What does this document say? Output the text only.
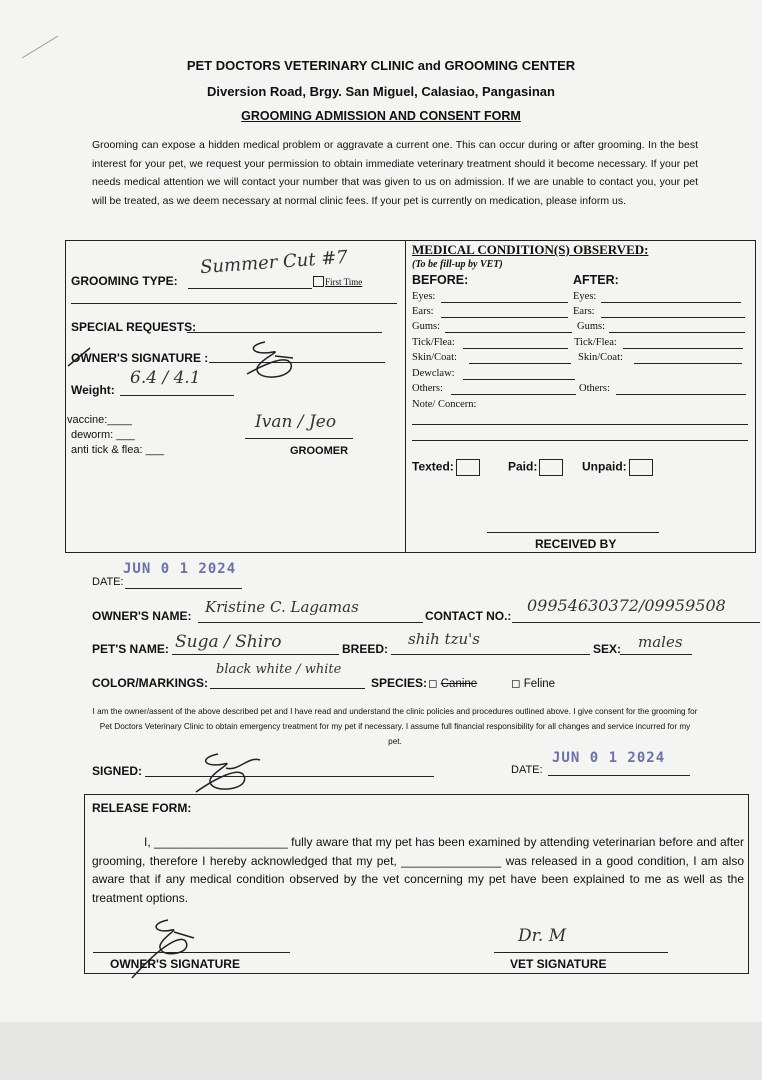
PET DOCTORS VETERINARY CLINIC and GROOMING CENTER
Diversion Road, Brgy. San Miguel, Calasiao, Pangasinan
GROOMING ADMISSION AND CONSENT FORM
Grooming can expose a hidden medical problem or aggravate a current one. This can occur during or after grooming. In the best interest for your pet, we request your permission to obtain immediate veterinary treatment should it become necessary. If your pet needs medical attention we will contact your number that was given to us on admission. If we are unable to contact you, your pet will be treated, as we deem necessary at normal clinic fees. If your pet is currently on medication, please inform us.
GROOMING TYPE:
Summer Cut #7
First Time
SPECIAL REQUESTS:
OWNER'S SIGNATURE :
Weight:
6.4 / 4.1
vaccine:____
deworm: ___
anti tick & flea: ___
Ivan / Jeo
GROOMER
MEDICAL CONDITION(S) OBSERVED:
(To be fill-up by VET)
BEFORE:	AFTER:
Eyes:	Eyes:
Ears:	Ears:
Gums:	Gums:
Tick/Flea:	Tick/Flea:
Skin/Coat:	Skin/Coat:
Dewclaw:
Others:	Others:
Note/ Concern:
Texted:	Paid:	Unpaid:
RECEIVED BY
DATE:
JUN 0 1 2024
OWNER'S NAME: Kristine C. Lagamas	CONTACT NO.:
09954630372/09959508
PET'S NAME: Suga / Shiro	BREED:
shih tzu's
SEX: males
COLOR/MARKINGS:
black white / white
SPECIES: ◻ Canine	◻ Feline
I am the owner/assent of the above described pet and I have read and understand the clinic policies and procedures outlined above. I give consent for the grooming for Pet Doctors Veterinary Clinic to obtain emergency treatment for my pet if necessary. I assume full financial responsibility for all changes and service incurred for my pet.
SIGNED:	DATE:
JUN 0 1 2024
RELEASE FORM:
I, ____________________ fully aware that my pet has been examined by attending veterinarian before and after grooming, therefore I hereby acknowledged that my pet, _______________ was released in a good condition, I am also aware that if any medical condition observed by the vet concerning my pet have been explained to me as well as the treatment options.
OWNER'S SIGNATURE
Dr. M
VET SIGNATURE
